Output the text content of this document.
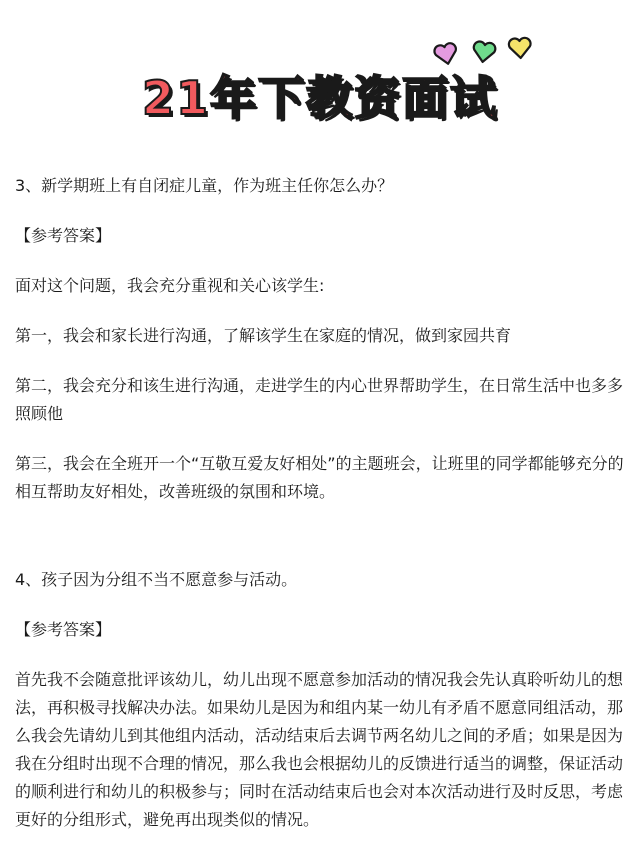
21年下教资面试

3、新学期班上有自闭症儿童，作为班主任你怎么办？

【参考答案】

面对这个问题，我会充分重视和关心该学生:

第一，我会和家长进行沟通，了解该学生在家庭的情况，做到家园共育

第二，我会充分和该生进行沟通，走进学生的内心世界帮助学生，在日常生活中也多多照顾他

第三，我会在全班开一个“互敬互爱友好相处”的主题班会，让班里的同学都能够充分的相互帮助友好相处，改善班级的氛围和环境。

4、孩子因为分组不当不愿意参与活动。

【参考答案】

首先我不会随意批评该幼儿，幼儿出现不愿意参加活动的情况我会先认真聆听幼儿的想法，再积极寻找解决办法。如果幼儿是因为和组内某一幼儿有矛盾不愿意同组活动，那么我会先请幼儿到其他组内活动，活动结束后去调节两名幼儿之间的矛盾；如果是因为我在分组时出现不合理的情况，那么我也会根据幼儿的反馈进行适当的调整，保证活动的顺利进行和幼儿的积极参与；同时在活动结束后也会对本次活动进行及时反思，考虑更好的分组形式，避免再出现类似的情况。
